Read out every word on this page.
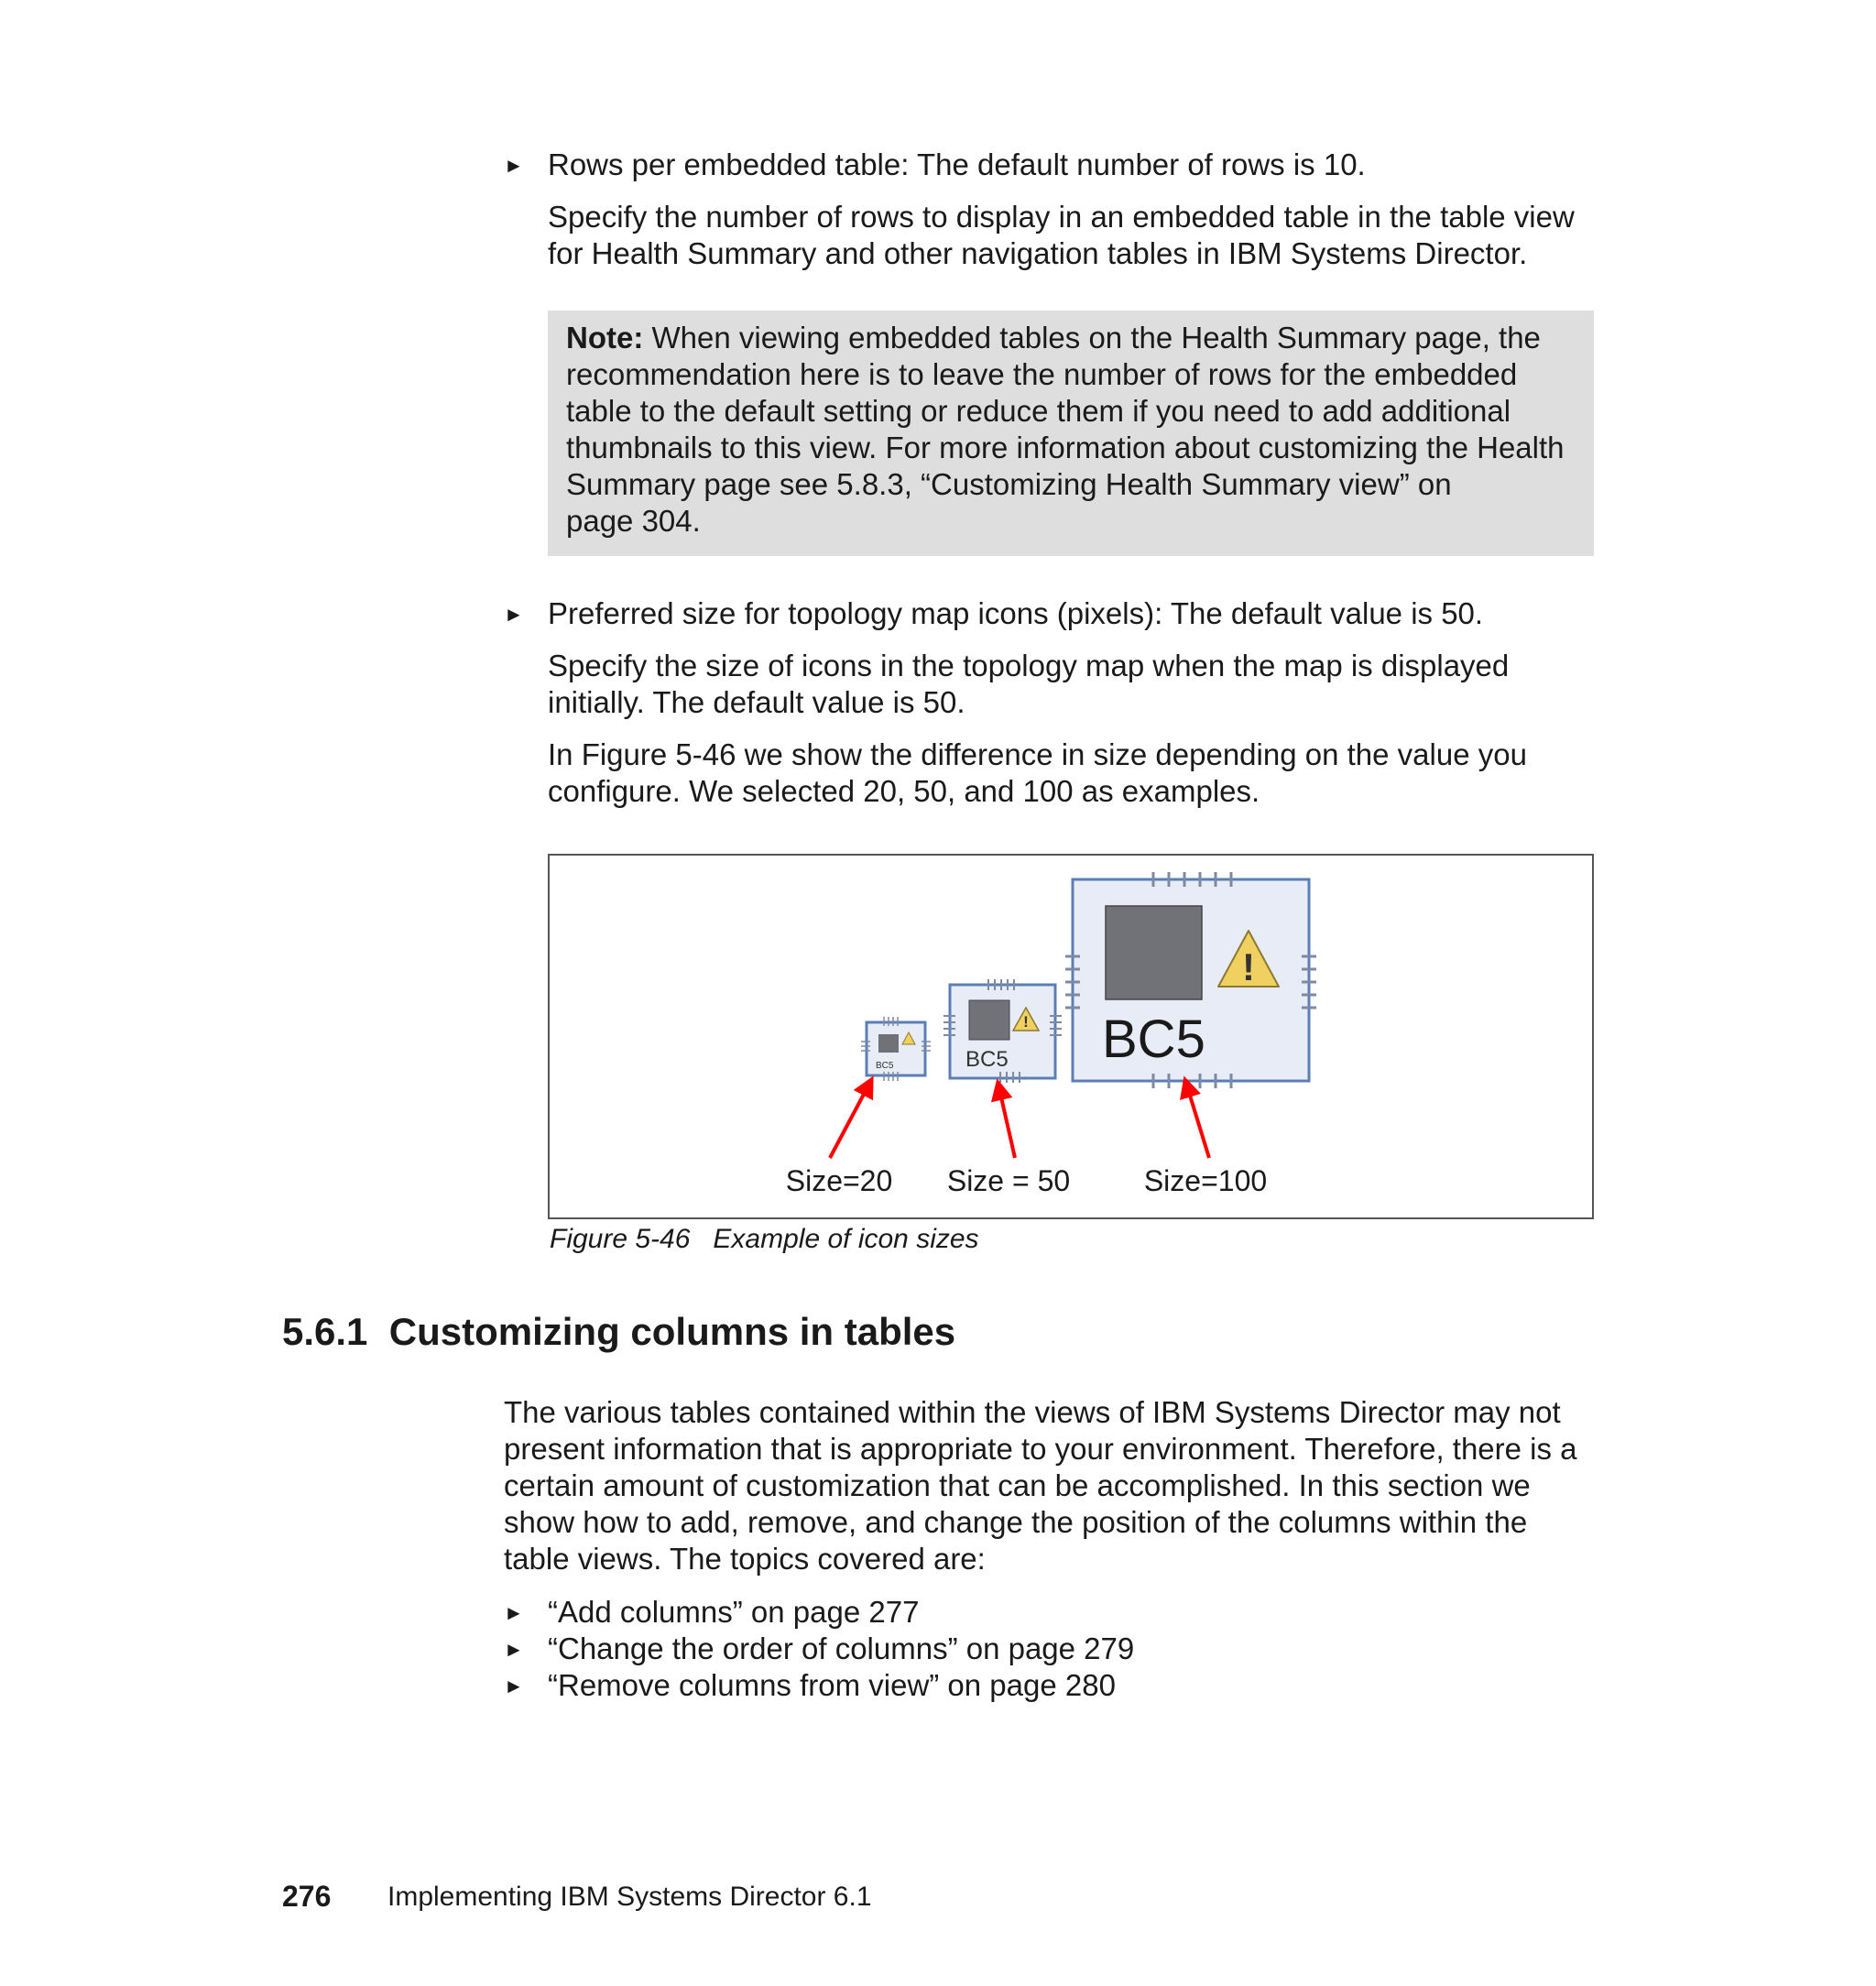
► Rows per embedded table: The default number of rows is 10.
Specify the number of rows to display in an embedded table in the table view
for Health Summary and other navigation tables in IBM Systems Director.
Note: When viewing embedded tables on the Health Summary page, the
recommendation here is to leave the number of rows for the embedded
table to the default setting or reduce them if you need to add additional
thumbnails to this view. For more information about customizing the Health
Summary page see 5.8.3, “Customizing Health Summary view” on
page 304.
► Preferred size for topology map icons (pixels): The default value is 50.
Specify the size of icons in the topology map when the map is displayed
initially. The default value is 50.
In Figure 5-46 we show the difference in size depending on the value you
configure. We selected 20, 50, and 100 as examples.
BC5
!
BC5
!
BC5
Size=20 Size = 50	Size=100
Figure 5-46   Example of icon sizes
5.6.1  Customizing columns in tables
The various tables contained within the views of IBM Systems Director may not
present information that is appropriate to your environment. Therefore, there is a
certain amount of customization that can be accomplished. In this section we
show how to add, remove, and change the position of the columns within the
table views. The topics covered are:
► “Add columns” on page 277
► “Change the order of columns” on page 279
► “Remove columns from view” on page 280
276 Implementing IBM Systems Director 6.1
